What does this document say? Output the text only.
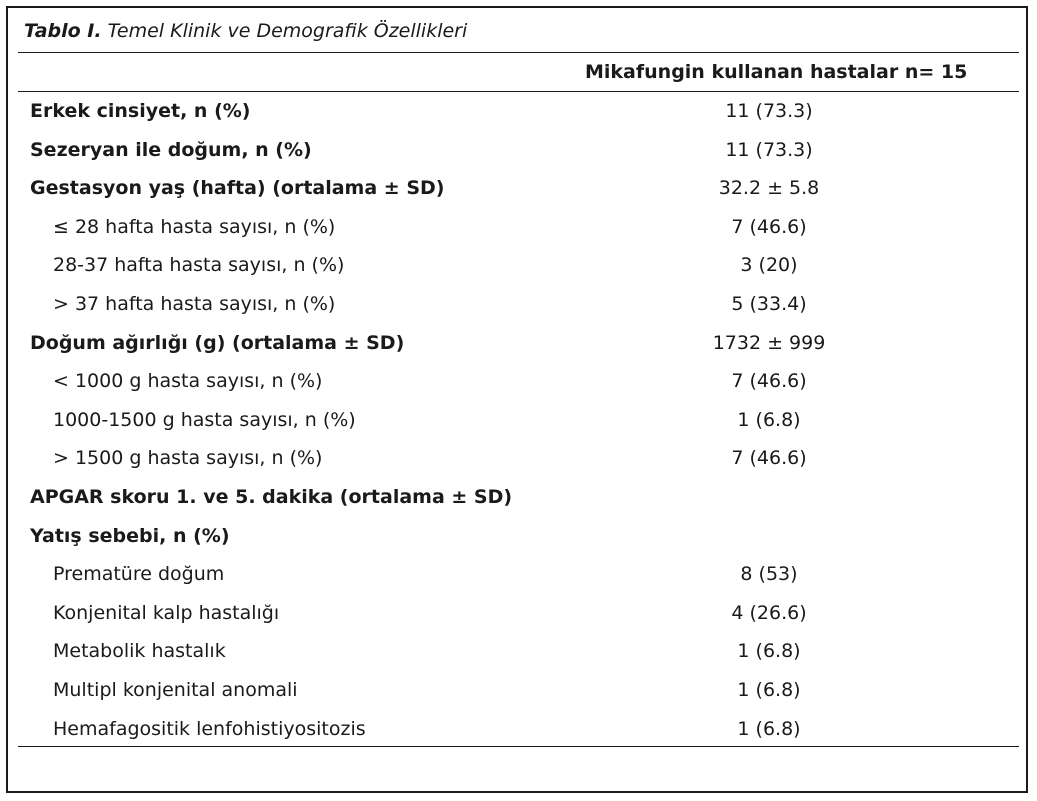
Tablo I. Temel Klinik ve Demografik Özellikleri
Mikafungin kullanan hastalar n= 15
Erkek cinsiyet, n (%)	11 (73.3)
Sezeryan ile doğum, n (%)	11 (73.3)
Gestasyon yaş (hafta) (ortalama ± SD)	32.2 ± 5.8
≤ 28 hafta hasta sayısı, n (%)	7 (46.6)
28-37 hafta hasta sayısı, n (%)	3 (20)
> 37 hafta hasta sayısı, n (%)	5 (33.4)
Doğum ağırlığı (g) (ortalama ± SD)	1732 ± 999
< 1000 g hasta sayısı, n (%)	7 (46.6)
1000-1500 g hasta sayısı, n (%)	1 (6.8)
> 1500 g hasta sayısı, n (%)	7 (46.6)
APGAR skoru 1. ve 5. dakika (ortalama ± SD)
Yatış sebebi, n (%)
Prematüre doğum	8 (53)
Konjenital kalp hastalığı	4 (26.6)
Metabolik hastalık	1 (6.8)
Multipl konjenital anomali	1 (6.8)
Hemafagositik lenfohistiyositozis	1 (6.8)
